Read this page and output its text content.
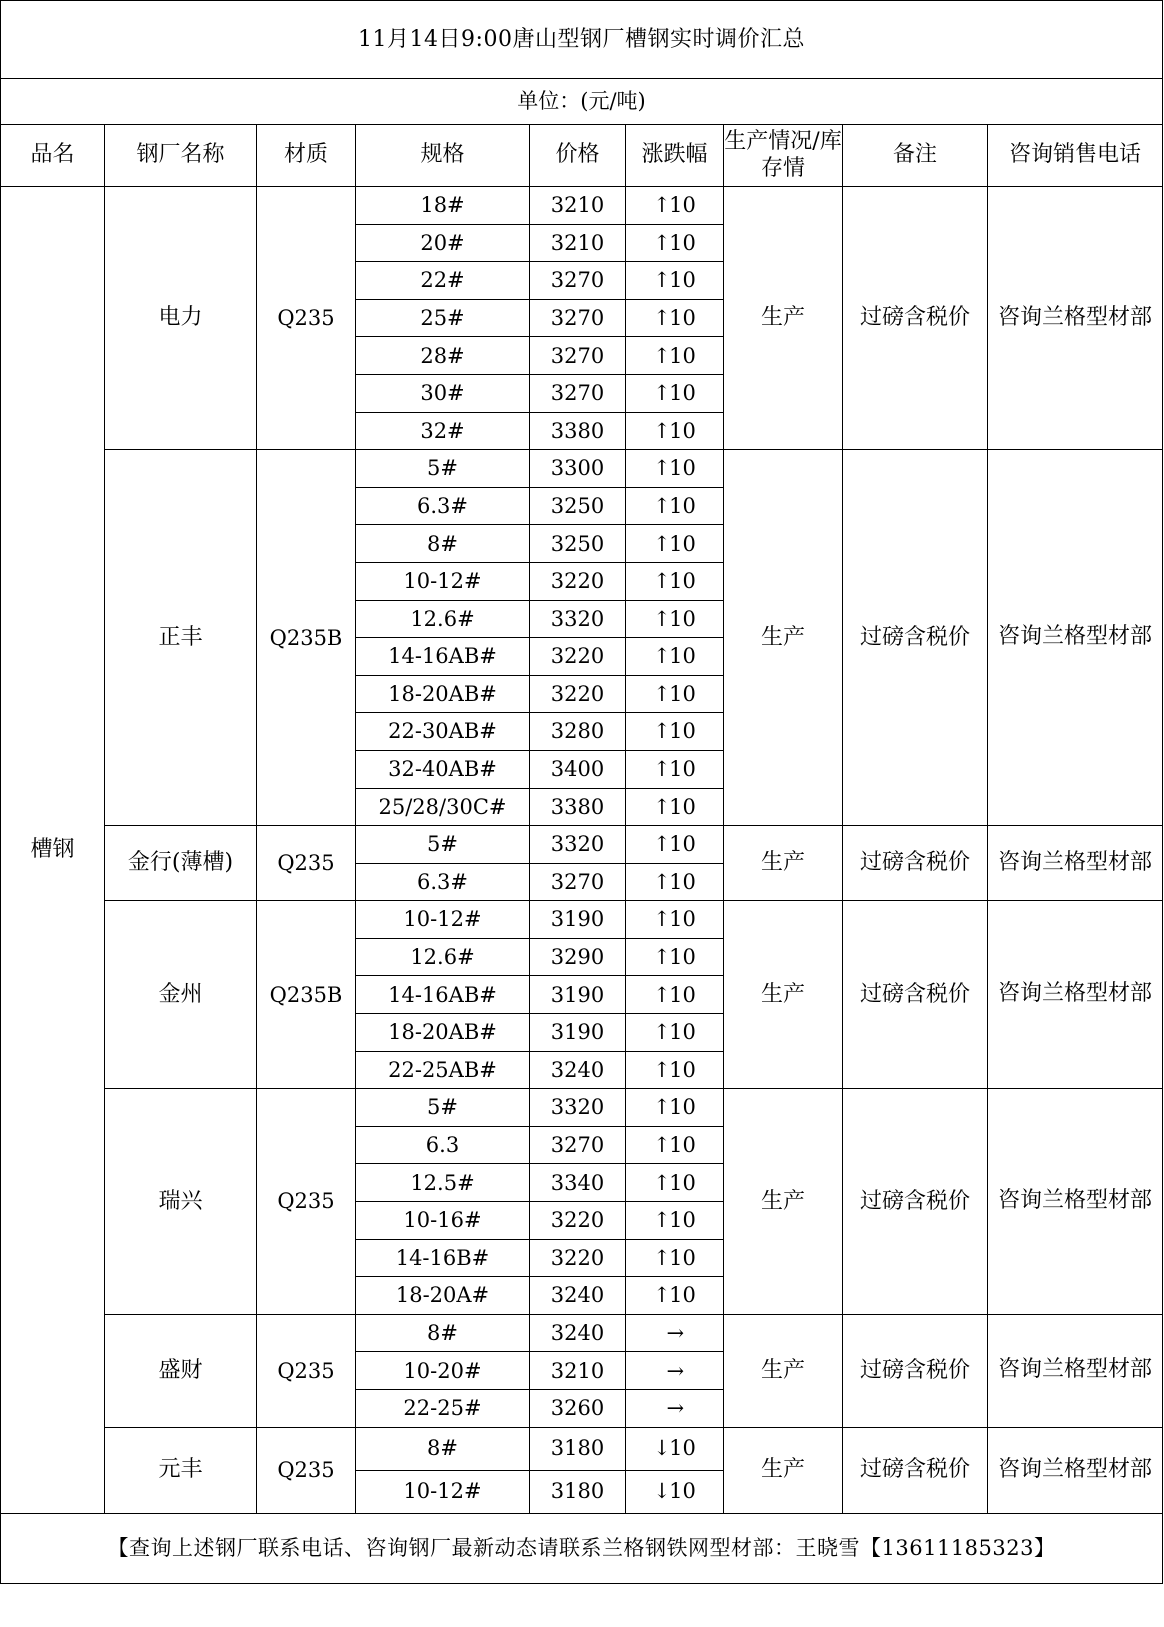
11月14日9:00唐山型钢厂槽钢实时调价汇总								
单位：(元/吨)								
品名	钢厂名称	材质	规格	价格	涨跌幅	生产情况/库存情	备注	咨询销售电话
槽钢	电力	Q235	18#	3210	↑10	生产	过磅含税价	咨询兰格型材部
			20#	3210	↑10			
			22#	3270	↑10			
			25#	3270	↑10			
			28#	3270	↑10			
			30#	3270	↑10			
			32#	3380	↑10			
	正丰	Q235B	5#	3300	↑10	生产	过磅含税价	咨询兰格型材部
			6.3#	3250	↑10			
			8#	3250	↑10			
			10-12#	3220	↑10			
			12.6#	3320	↑10			
			14-16AB#	3220	↑10			
			18-20AB#	3220	↑10			
			22-30AB#	3280	↑10			
			32-40AB#	3400	↑10			
			25/28/30C#	3380	↑10			
	金行(薄槽)	Q235	5#	3320	↑10	生产	过磅含税价	咨询兰格型材部
			6.3#	3270	↑10			
	金州	Q235B	10-12#	3190	↑10	生产	过磅含税价	咨询兰格型材部
			12.6#	3290	↑10			
			14-16AB#	3190	↑10			
			18-20AB#	3190	↑10			
			22-25AB#	3240	↑10			
	瑞兴	Q235	5#	3320	↑10	生产	过磅含税价	咨询兰格型材部
			6.3	3270	↑10			
			12.5#	3340	↑10			
			10-16#	3220	↑10			
			14-16B#	3220	↑10			
			18-20A#	3240	↑10			
	盛财	Q235	8#	3240	→	生产	过磅含税价	咨询兰格型材部
			10-20#	3210	→			
			22-25#	3260	→			
	元丰	Q235	8#	3180	↓10	生产	过磅含税价	咨询兰格型材部
			10-12#	3180	↓10			
【查询上述钢厂联系电话、咨询钢厂最新动态请联系兰格钢铁网型材部：王晓雪【13611185323】								
